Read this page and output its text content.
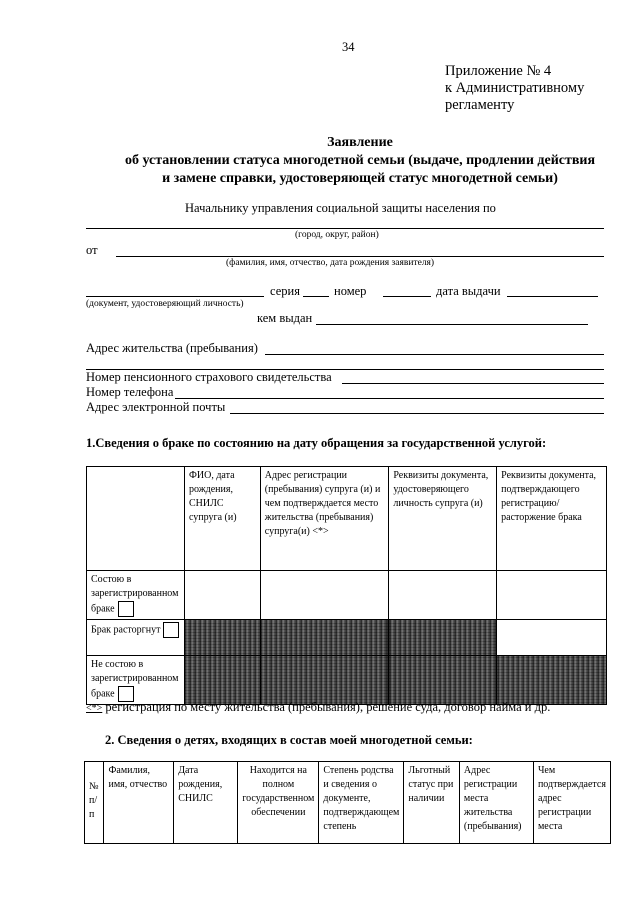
34
Приложение № 4
к Административному
регламенту
Заявление
об установлении статуса многодетной семьи (выдаче, продлении действия
и замене справки, удостоверяющей статус многодетной семьи)
Начальнику управления социальной защиты населения по
(город, округ, район)
от
(фамилия, имя, отчество, дата рождения заявителя)
серия	номер	дата выдачи
(документ, удостоверяющий личность)
кем выдан
Адрес жительства (пребывания)
Номер пенсионного страхового свидетельства
Номер телефона
Адрес электронной почты
1.Сведения о браке по состоянию на дату обращения за государственной услугой:
	ФИО, дата рождения, СНИЛС супруга (и)	Адрес регистрации (пребывания) супруга (и) и чем подтверждается место жительства (пребывания) супруга(и) <*>	Реквизиты документа, удостоверяющего личность супруга (и)	Реквизиты документа, подтверждающего регистрацию/расторжение брака
Состою в зарегистрированном браке				
Брак расторгнут				
Не состою в зарегистрированном браке				
<*> регистрация по месту жительства (пребывания), решение суда, договор найма и др.
2. Сведения о детях, входящих в состав моей многодетной семьи:
№ п/п	Фамилия, имя, отчество	Дата рождения, СНИЛС	Находится на полном государственном обеспечении	Степень родства и сведения о документе, подтверждающем степень	Льготный статус при наличии	Адрес регистрации места жительства (пребывания)	Чем подтверждается адрес регистрации места
